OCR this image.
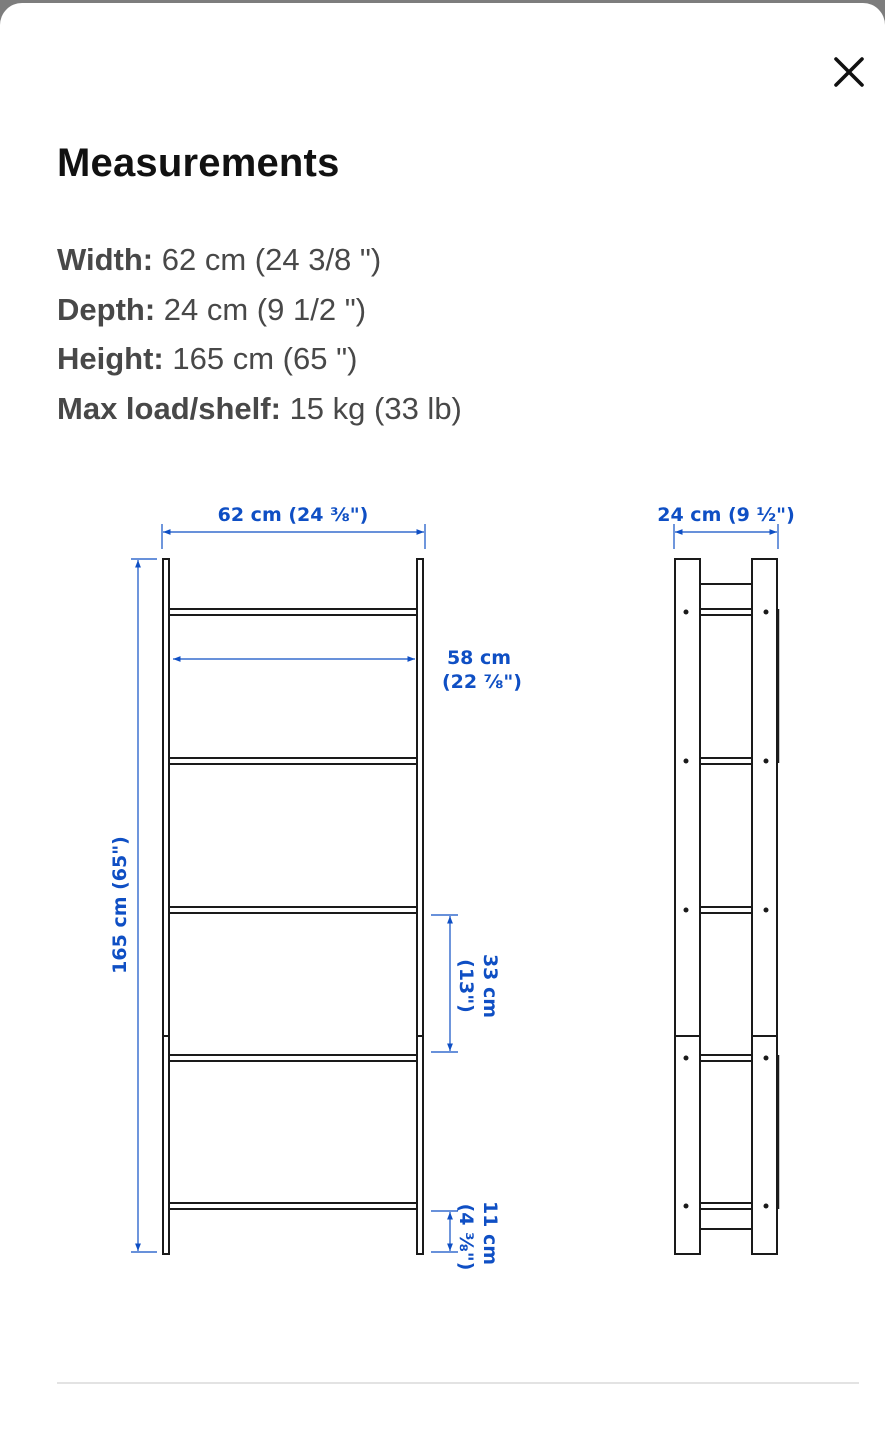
Measurements
Width: 62 cm (24 3/8 ")
Depth: 24 cm (9 1/2 ")
Height: 165 cm (65 ")
Max load/shelf: 15 kg (33 lb)
62 cm (24 ⅜")
58 cm
(22 ⅞")
165 cm (65")
33 cm
(13")
11 cm
(4 ⅜")
24 cm (9 ½")
